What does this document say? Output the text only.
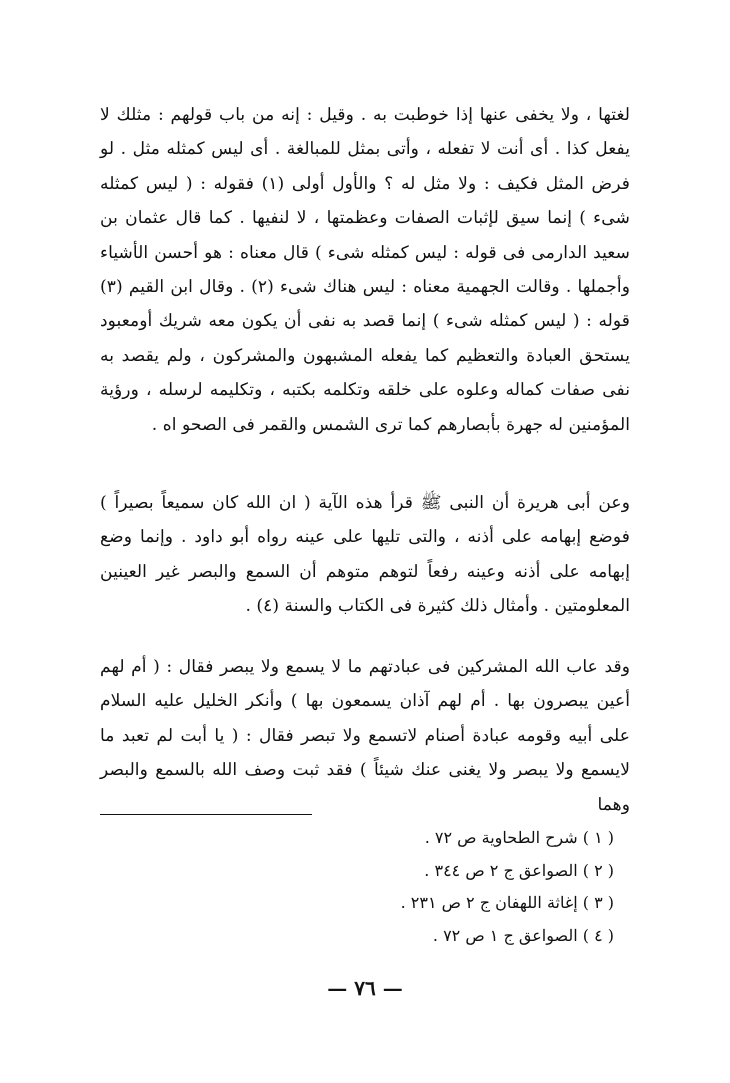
لغتها ، ولا يخفى عنها إذا خوطبت به . وقيل : إنه من باب قولهم : مثلك لا يفعل كذا . أى أنت لا تفعله ، وأتى بمثل للمبالغة . أى ليس كمثله مثل . لو فرض المثل فكيف : ولا مثل له ؟ والأول أولى (١) فقوله : ( ليس كمثله شىء ) إنما سيق لإثبات الصفات وعظمتها ، لا لنفيها . كما قال عثمان بن سعيد الدارمى فى قوله : ليس كمثله شىء ) قال معناه : هو أحسن الأشياء وأجملها . وقالت الجهمية معناه : ليس هناك شىء (٢) . وقال ابن القيم (٣) قوله : ( ليس كمثله شىء ) إنما قصد به نفى أن يكون معه شريك أومعبود يستحق العبادة والتعظيم كما يفعله المشبهون والمشركون ، ولم يقصد به نفى صفات كماله وعلوه على خلقه وتكلمه بكتبه ، وتكليمه لرسله ، ورؤية المؤمنين له جهرة بأبصارهم كما ترى الشمس والقمر فى الصحو اه .

وعن أبى هريرة أن النبى ﷺ قرأ هذه الآية ( ان الله كان سميعاً بصيراً ) فوضع إبهامه على أذنه ، والتى تليها على عينه رواه أبو داود . وإنما وضع إبهامه على أذنه وعينه رفعاً لتوهم متوهم أن السمع والبصر غير العينين المعلومتين . وأمثال ذلك كثيرة فى الكتاب والسنة (٤) .

وقد عاب الله المشركين فى عبادتهم ما لا يسمع ولا يبصر فقال : ( أم لهم أعين يبصرون بها . أم لهم آذان يسمعون بها ) وأنكر الخليل عليه السلام على أبيه وقومه عبادة أصنام لاتسمع ولا تبصر فقال : ( يا أبت لم تعبد ما لايسمع ولا يبصر ولا يغنى عنك شيئاً ) فقد ثبت وصف الله بالسمع والبصر وهما

( ١ ) شرح الطحاوية ص ٧٢ .
( ٢ ) الصواعق ج ٢ ص ٣٤٤ .
( ٣ ) إغاثة اللهفان ج ٢ ص ٢٣١ .
( ٤ ) الصواعق ج ١ ص ٧٢ .
— ٧٦ —
